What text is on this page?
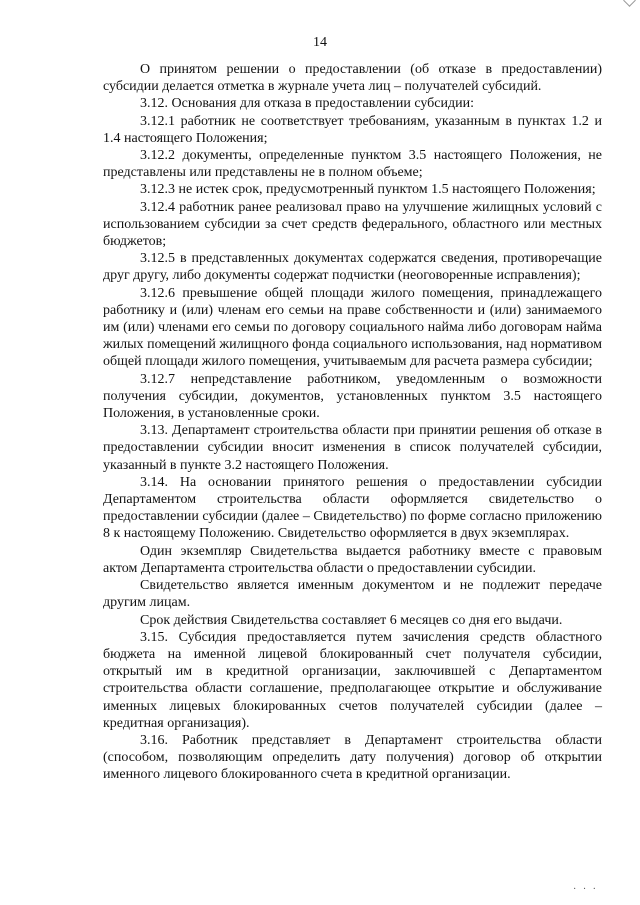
14

О принятом решении о предоставлении (об отказе в предоставлении) субсидии делается отметка в журнале учета лиц – получателей субсидий.

3.12. Основания для отказа в предоставлении субсидии:

3.12.1 работник не соответствует требованиям, указанным в пунктах 1.2 и 1.4 настоящего Положения;

3.12.2 документы, определенные пунктом 3.5 настоящего Положения, не представлены или представлены не в полном объеме;

3.12.3 не истек срок, предусмотренный пунктом 1.5 настоящего Положения;

3.12.4 работник ранее реализовал право на улучшение жилищных условий с использованием субсидии за счет средств федерального, областного или местных бюджетов;

3.12.5 в представленных документах содержатся сведения, противоречащие друг другу, либо документы содержат подчистки (неоговоренные исправления);

3.12.6 превышение общей площади жилого помещения, принадлежащего работнику и (или) членам его семьи на праве собственности и (или) занимаемого им (или) членами его семьи по договору социального найма либо договорам найма жилых помещений жилищного фонда социального использования, над нормативом общей площади жилого помещения, учитываемым для расчета размера субсидии;

3.12.7 непредставление работником, уведомленным о возможности получения субсидии, документов, установленных пунктом 3.5 настоящего Положения, в установленные сроки.

3.13. Департамент строительства области при принятии решения об отказе в предоставлении субсидии вносит изменения в список получателей субсидии, указанный в пункте 3.2 настоящего Положения.

3.14. На основании принятого решения о предоставлении субсидии Департаментом строительства области оформляется свидетельство о предоставлении субсидии (далее – Свидетельство) по форме согласно приложению 8 к настоящему Положению. Свидетельство оформляется в двух экземплярах.

Один экземпляр Свидетельства выдается работнику вместе с правовым актом Департамента строительства области о предоставлении субсидии.

Свидетельство является именным документом и не подлежит передаче другим лицам.

Срок действия Свидетельства составляет 6 месяцев со дня его выдачи.

3.15. Субсидия предоставляется путем зачисления средств областного бюджета на именной лицевой блокированный счет получателя субсидии, открытый им в кредитной организации, заключившей с Департаментом строительства области соглашение, предполагающее открытие и обслуживание именных лицевых блокированных счетов получателей субсидии (далее – кредитная организация).

3.16. Работник представляет в Департамент строительства области (способом, позволяющим определить дату получения) договор об открытии именного лицевого блокированного счета в кредитной организации.

· · ·
